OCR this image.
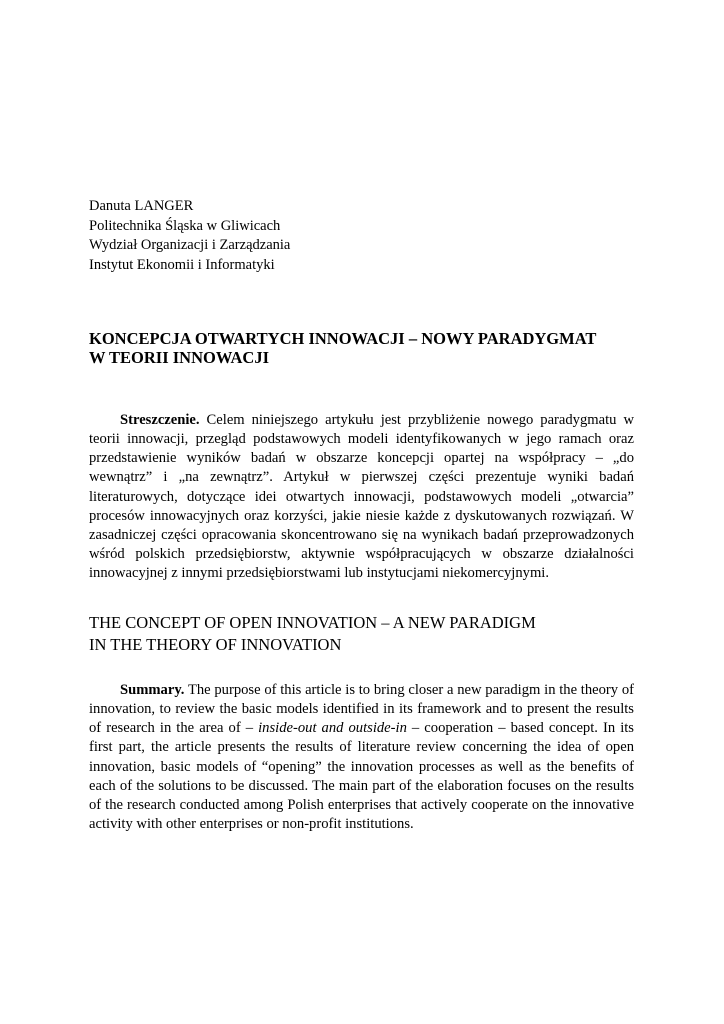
Danuta LANGER
Politechnika Śląska w Gliwicach
Wydział Organizacji i Zarządzania
Instytut Ekonomii i Informatyki
KONCEPCJA OTWARTYCH INNOWACJI – NOWY PARADYGMAT
W TEORII INNOWACJI

Streszczenie. Celem niniejszego artykułu jest przybliżenie nowego paradygmatu w teorii innowacji, przegląd podstawowych modeli identyfikowanych w jego ramach oraz przedstawienie wyników badań w obszarze koncepcji opartej na współpracy – „do wewnątrz” i „na zewnątrz”. Artykuł w pierwszej części prezentuje wyniki badań literaturowych, dotyczące idei otwartych innowacji, podstawowych modeli „otwarcia” procesów innowacyjnych oraz korzyści, jakie niesie każde z dyskutowanych rozwiązań. W zasadniczej części opracowania skoncentrowano się na wynikach badań przeprowadzonych wśród polskich przedsiębiorstw, aktywnie współpracujących w obszarze działalności innowacyjnej z innymi przedsiębiorstwami lub instytucjami niekomercyjnymi.

THE CONCEPT OF OPEN INNOVATION – A NEW PARADIGM
IN THE THEORY OF INNOVATION

Summary. The purpose of this article is to bring closer a new paradigm in the theory of innovation, to review the basic models identified in its framework and to present the results of research in the area of – inside-out and outside-in – cooperation – based concept. In its first part, the article presents the results of literature review concerning the idea of open innovation, basic models of “opening” the innovation processes as well as the benefits of each of the solutions to be discussed. The main part of the elaboration focuses on the results of the research conducted among Polish enterprises that actively cooperate on the innovative activity with other enterprises or non-profit institutions.
